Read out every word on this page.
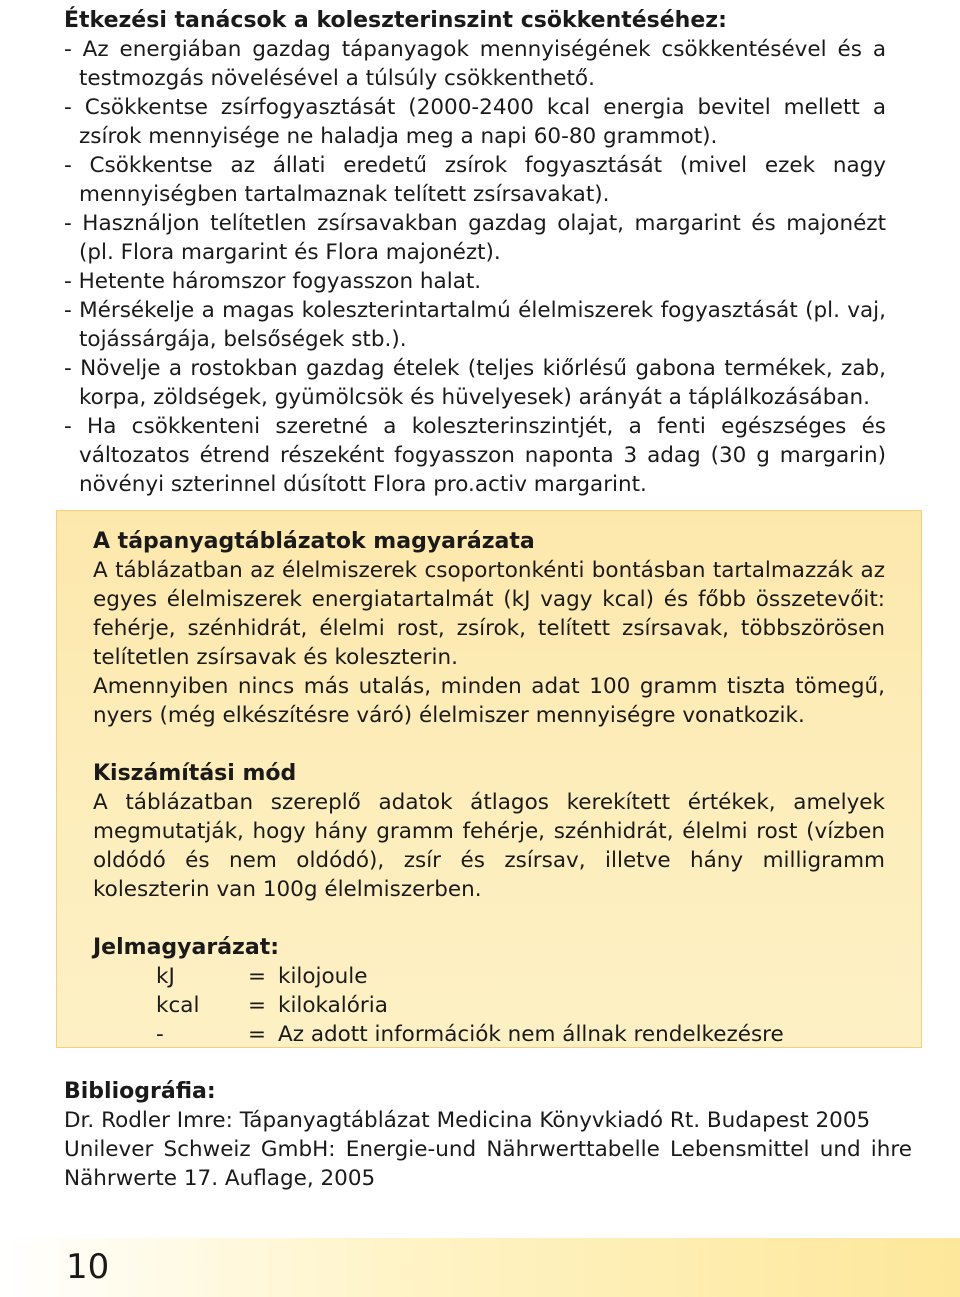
Étkezési tanácsok a koleszterinszint csökkentéséhez:
- Az energiában gazdag tápanyagok mennyiségének csökkentésével és a testmozgás növelésével a túlsúly csökkenthető.
- Csökkentse zsírfogyasztását (2000-2400 kcal energia bevitel mellett a zsírok mennyisége ne haladja meg a napi 60-80 grammot).
- Csökkentse az állati eredetű zsírok fogyasztását (mivel ezek nagy mennyiségben tartalmaznak telített zsírsavakat).
- Használjon telítetlen zsírsavakban gazdag olajat, margarint és majonézt (pl. Flora margarint és Flora majonézt).
- Hetente háromszor fogyasszon halat.
- Mérsékelje a magas koleszterintartalmú élelmiszerek fogyasztását (pl. vaj, tojássárgája, belsőségek stb.).
- Növelje a rostokban gazdag ételek (teljes kiőrlésű gabona termékek, zab, korpa, zöldségek, gyümölcsök és hüvelyesek) arányát a táplálkozásában.
- Ha csökkenteni szeretné a koleszterinszintjét, a fenti egészséges és változatos étrend részeként fogyasszon naponta 3 adag (30 g margarin) növényi szterinnel dúsított Flora pro.activ margarint.
A tápanyagtáblázatok magyarázata

A táblázatban az élelmiszerek csoportonkénti bontásban tartalmazzák az egyes élelmiszerek energiatartalmát (kJ vagy kcal) és főbb összetevőit: fehérje, szénhidrát, élelmi rost, zsírok, telített zsírsavak, többszörösen telítetlen zsírsavak és koleszterin.

Amennyiben nincs más utalás, minden adat 100 gramm tiszta tömegű, nyers (még elkészítésre váró) élelmiszer mennyiségre vonatkozik.

Kiszámítási mód

A táblázatban szereplő adatok átlagos kerekített értékek, amelyek megmutatják, hogy hány gramm fehérje, szénhidrát, élelmi rost (vízben oldódó és nem oldódó), zsír és zsírsav, illetve hány milligramm koleszterin van 100g élelmiszerben.

Jelmagyarázat:
kJ	= kilojoule
kcal	= kilokalória
-	= Az adott információk nem állnak rendelkezésre
Bibliográfia:

Dr. Rodler Imre: Tápanyagtáblázat Medicina Könyvkiadó Rt. Budapest 2005

Unilever Schweiz GmbH: Energie-und Nährwerttabelle Lebensmittel und ihre Nährwerte 17. Auflage, 2005

10
